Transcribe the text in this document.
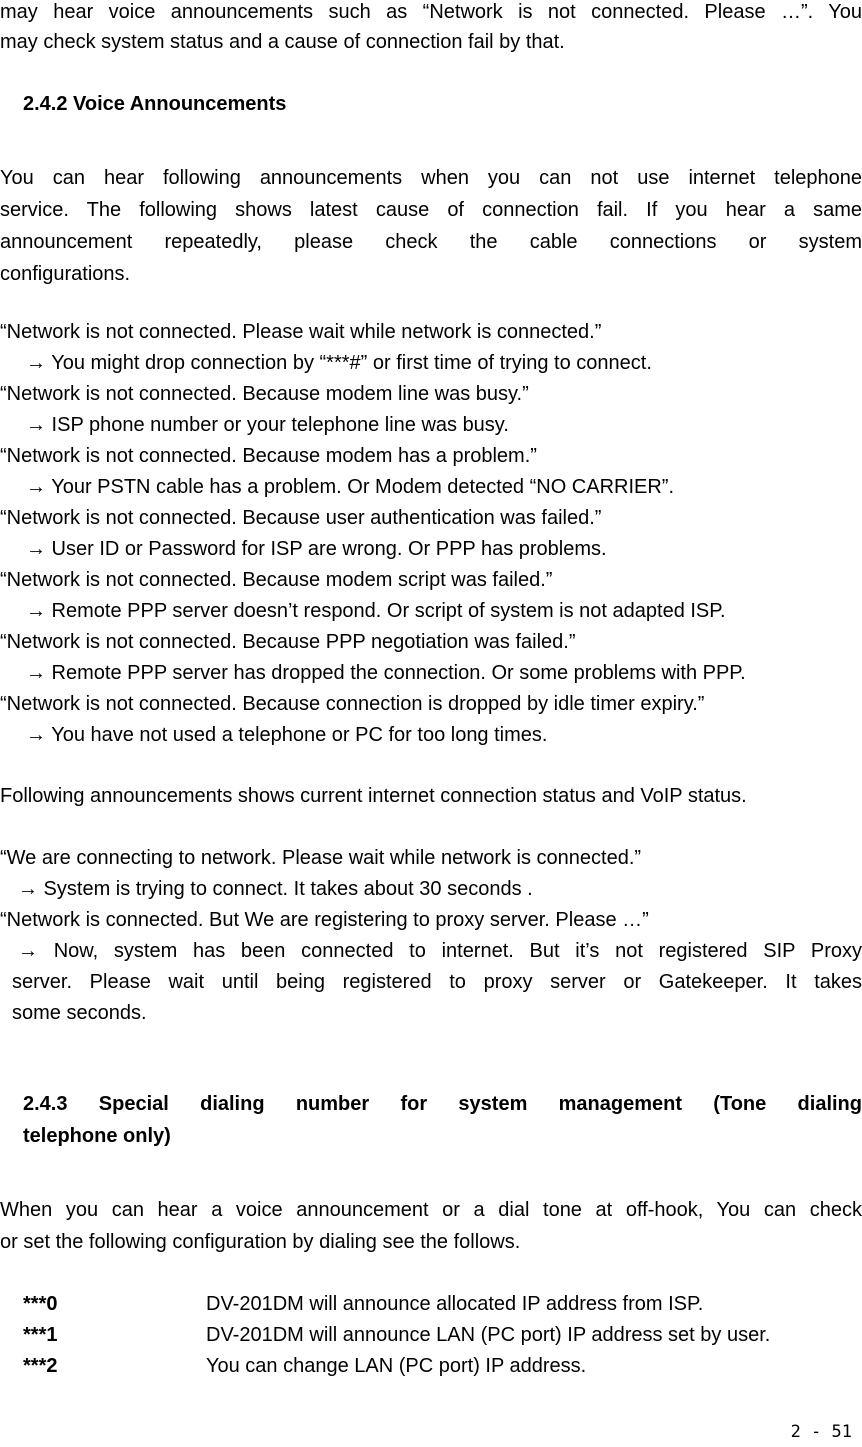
may hear voice announcements such as “Network is not connected. Please …”. You
may check system status and a cause of connection fail by that.
2.4.2 Voice Announcements
You can hear following announcements when you can not use internet telephone
service. The following shows latest cause of connection fail. If you hear a same
announcement repeatedly, please check the cable connections or system
configurations.
“Network is not connected. Please wait while network is connected.”
→ You might drop connection by “***#” or first time of trying to connect.
“Network is not connected. Because modem line was busy.”
→ ISP phone number or your telephone line was busy.
“Network is not connected. Because modem has a problem.”
→ Your PSTN cable has a problem. Or Modem detected “NO CARRIER”.
“Network is not connected. Because user authentication was failed.”
→ User ID or Password for ISP are wrong. Or PPP has problems.
“Network is not connected. Because modem script was failed.”
→ Remote PPP server doesn’t respond. Or script of system is not adapted ISP.
“Network is not connected. Because PPP negotiation was failed.”
→ Remote PPP server has dropped the connection. Or some problems with PPP.
“Network is not connected. Because connection is dropped by idle timer expiry.”
→ You have not used a telephone or PC for too long times.
Following announcements shows current internet connection status and VoIP status.
“We are connecting to network. Please wait while network is connected.”
→ System is trying to connect. It takes about 30 seconds .
“Network is connected. But We are registering to proxy server. Please …”
→ Now, system has been connected to internet. But it’s not registered SIP Proxy
server. Please wait until being registered to proxy server or Gatekeeper. It takes
some seconds.
2.4.3 Special dialing number for system management (Tone dialing
telephone only)
When you can hear a voice announcement or a dial tone at off-hook, You can check
or set the following configuration by dialing see the follows.
***0	DV-201DM will announce allocated IP address from ISP.
***1	DV-201DM will announce LAN (PC port) IP address set by user.
***2	You can change LAN (PC port) IP address.
2 - 51
